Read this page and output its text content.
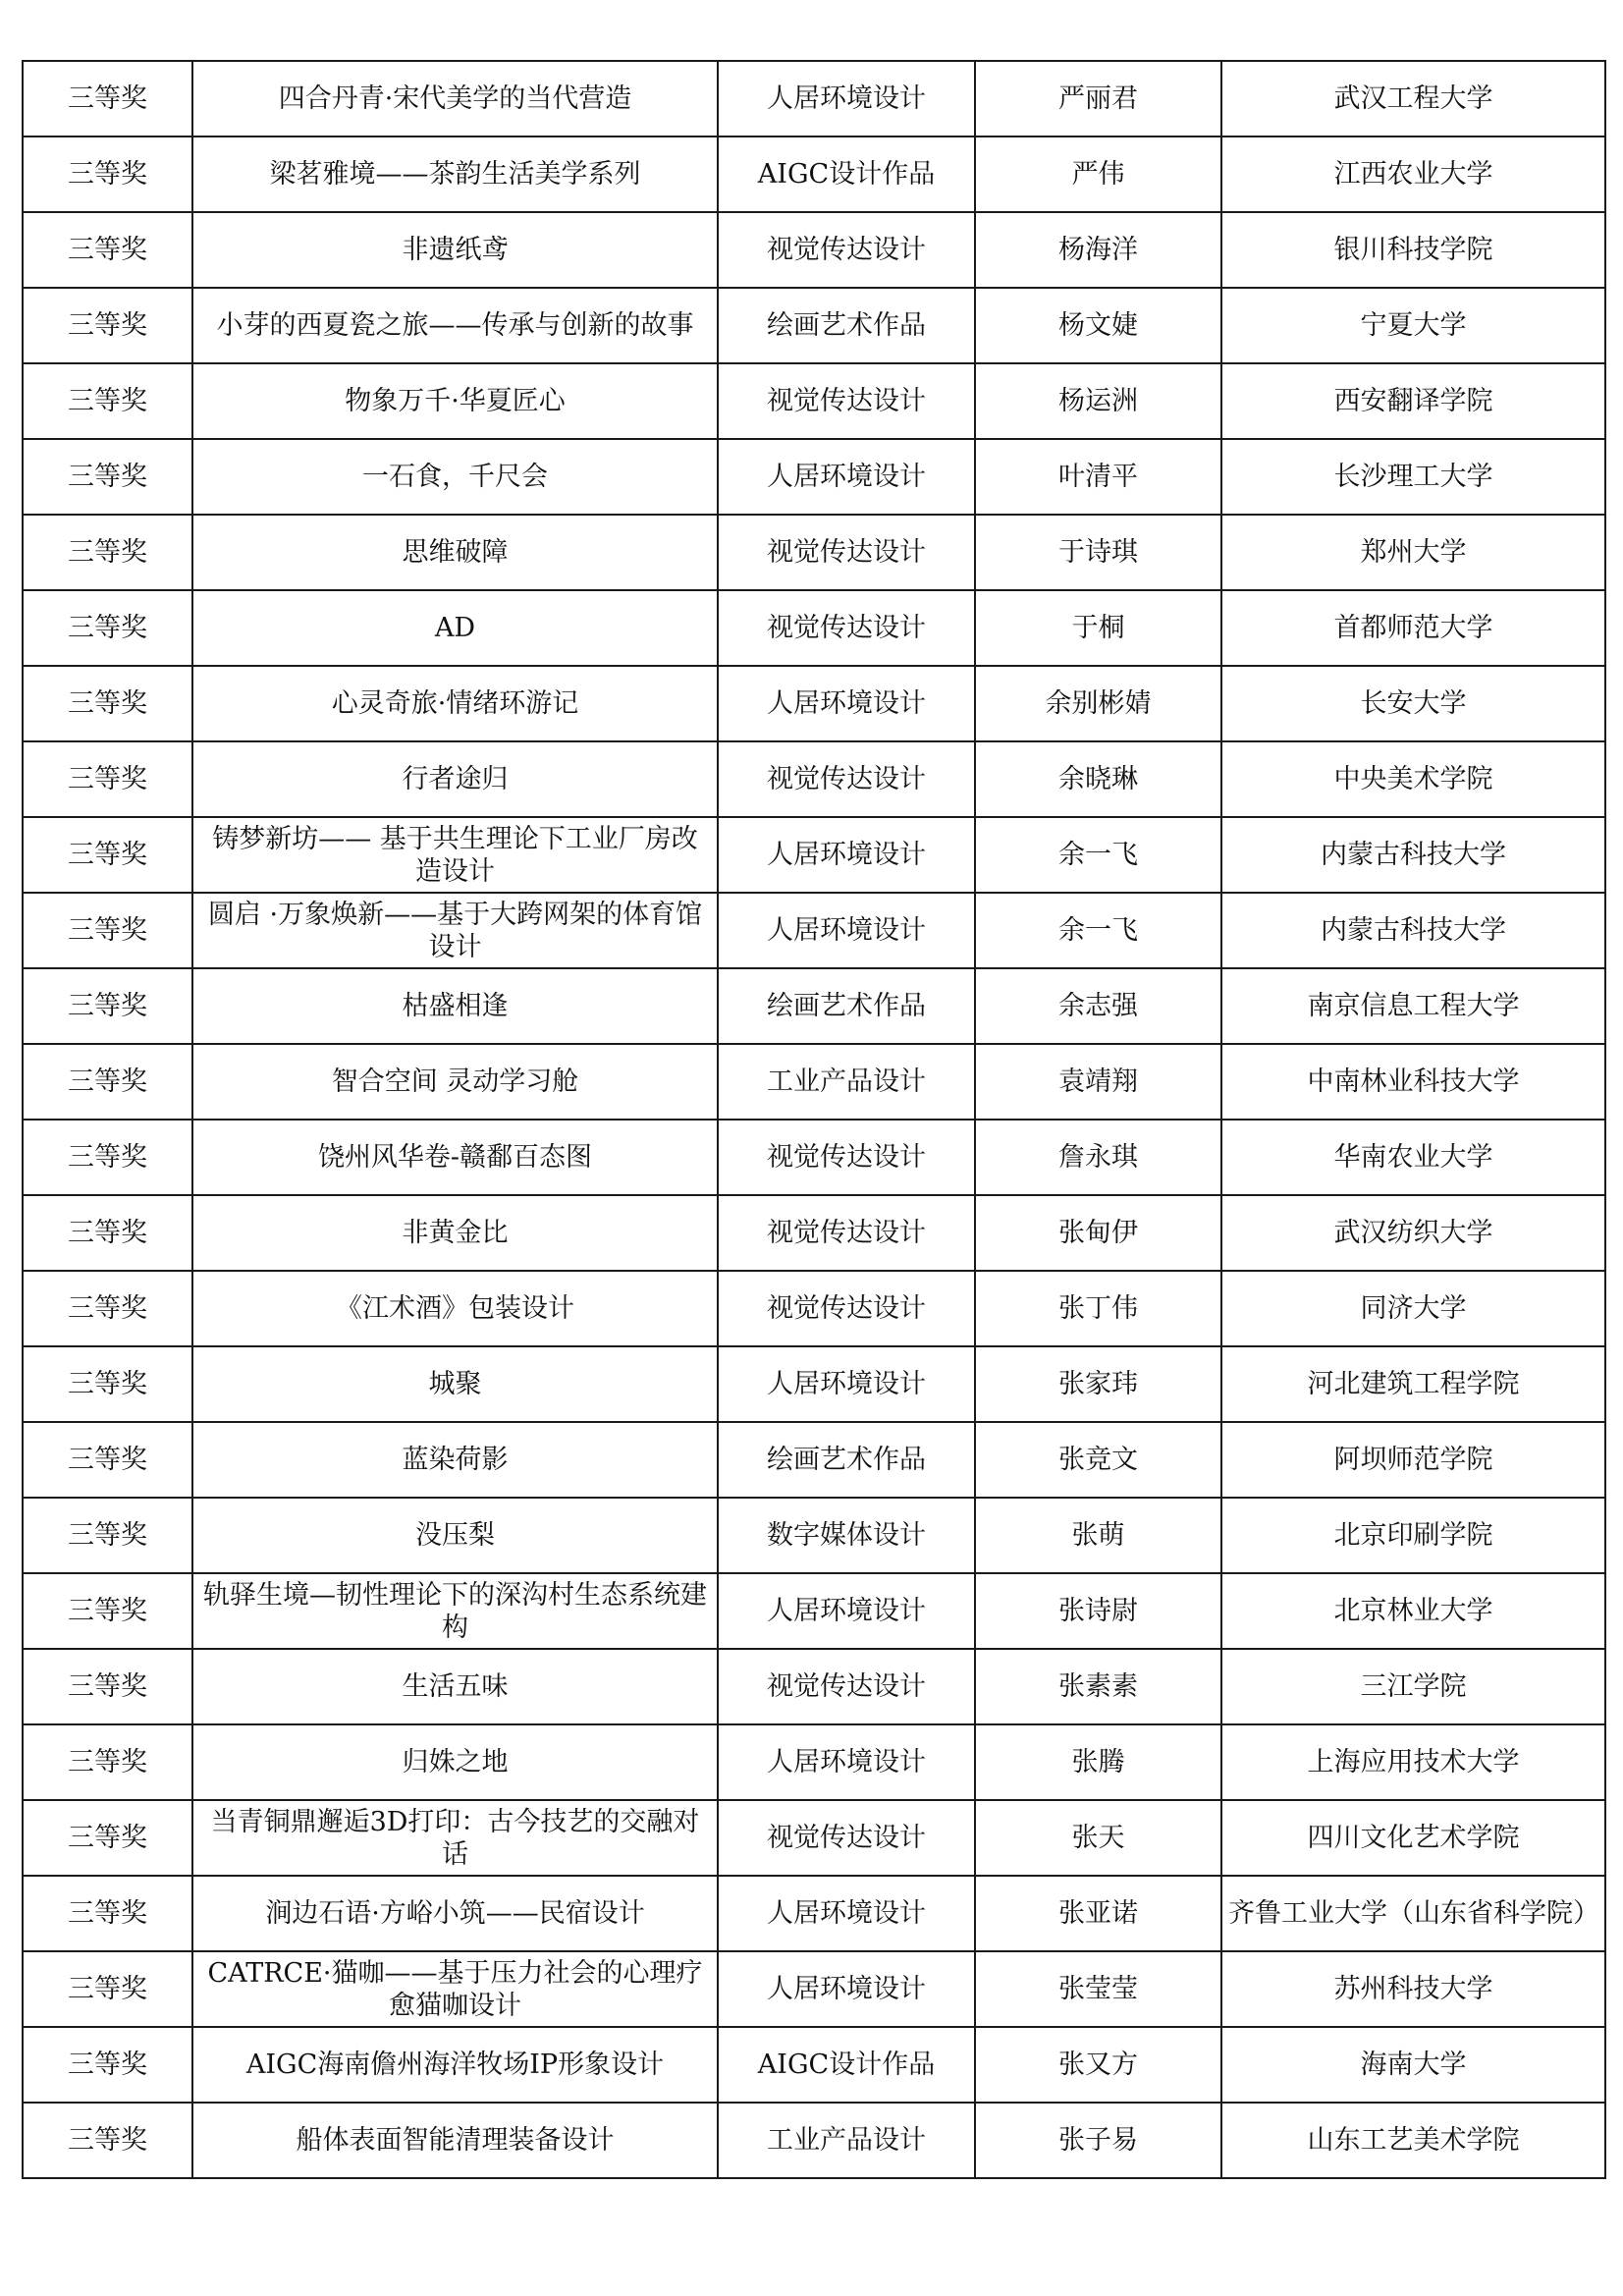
三等奖	四合丹青·宋代美学的当代营造	人居环境设计	严丽君	武汉工程大学
三等奖	梁茗雅境——茶韵生活美学系列	AIGC设计作品	严伟	江西农业大学
三等奖	非遗纸鸢	视觉传达设计	杨海洋	银川科技学院
三等奖	小芽的西夏瓷之旅——传承与创新的故事	绘画艺术作品	杨文婕	宁夏大学
三等奖	物象万千·华夏匠心	视觉传达设计	杨运洲	西安翻译学院
三等奖	一石食，千尺会	人居环境设计	叶清平	长沙理工大学
三等奖	思维破障	视觉传达设计	于诗琪	郑州大学
三等奖	AD	视觉传达设计	于桐	首都师范大学
三等奖	心灵奇旅·情绪环游记	人居环境设计	余别彬婧	长安大学
三等奖	行者途归	视觉传达设计	余晓琳	中央美术学院
三等奖	铸梦新坊—— 基于共生理论下工业厂房改造设计	人居环境设计	余一飞	内蒙古科技大学
三等奖	圆启 ·万象焕新——基于大跨网架的体育馆设计	人居环境设计	余一飞	内蒙古科技大学
三等奖	枯盛相逢	绘画艺术作品	余志强	南京信息工程大学
三等奖	智合空间 灵动学习舱	工业产品设计	袁靖翔	中南林业科技大学
三等奖	饶州风华卷-赣鄱百态图	视觉传达设计	詹永琪	华南农业大学
三等奖	非黄金比	视觉传达设计	张甸伊	武汉纺织大学
三等奖	《江术酒》包装设计	视觉传达设计	张丁伟	同济大学
三等奖	城聚	人居环境设计	张家玮	河北建筑工程学院
三等奖	蓝染荷影	绘画艺术作品	张竞文	阿坝师范学院
三等奖	没压梨	数字媒体设计	张萌	北京印刷学院
三等奖	轨驿生境—韧性理论下的深沟村生态系统建构	人居环境设计	张诗尉	北京林业大学
三等奖	生活五味	视觉传达设计	张素素	三江学院
三等奖	归姝之地	人居环境设计	张腾	上海应用技术大学
三等奖	当青铜鼎邂逅3D打印：古今技艺的交融对话	视觉传达设计	张天	四川文化艺术学院
三等奖	涧边石语·方峪小筑——民宿设计	人居环境设计	张亚诺	齐鲁工业大学（山东省科学院）
三等奖	CATRCE·猫咖——基于压力社会的心理疗愈猫咖设计	人居环境设计	张莹莹	苏州科技大学
三等奖	AIGC海南儋州海洋牧场IP形象设计	AIGC设计作品	张又方	海南大学
三等奖	船体表面智能清理装备设计	工业产品设计	张子易	山东工艺美术学院
